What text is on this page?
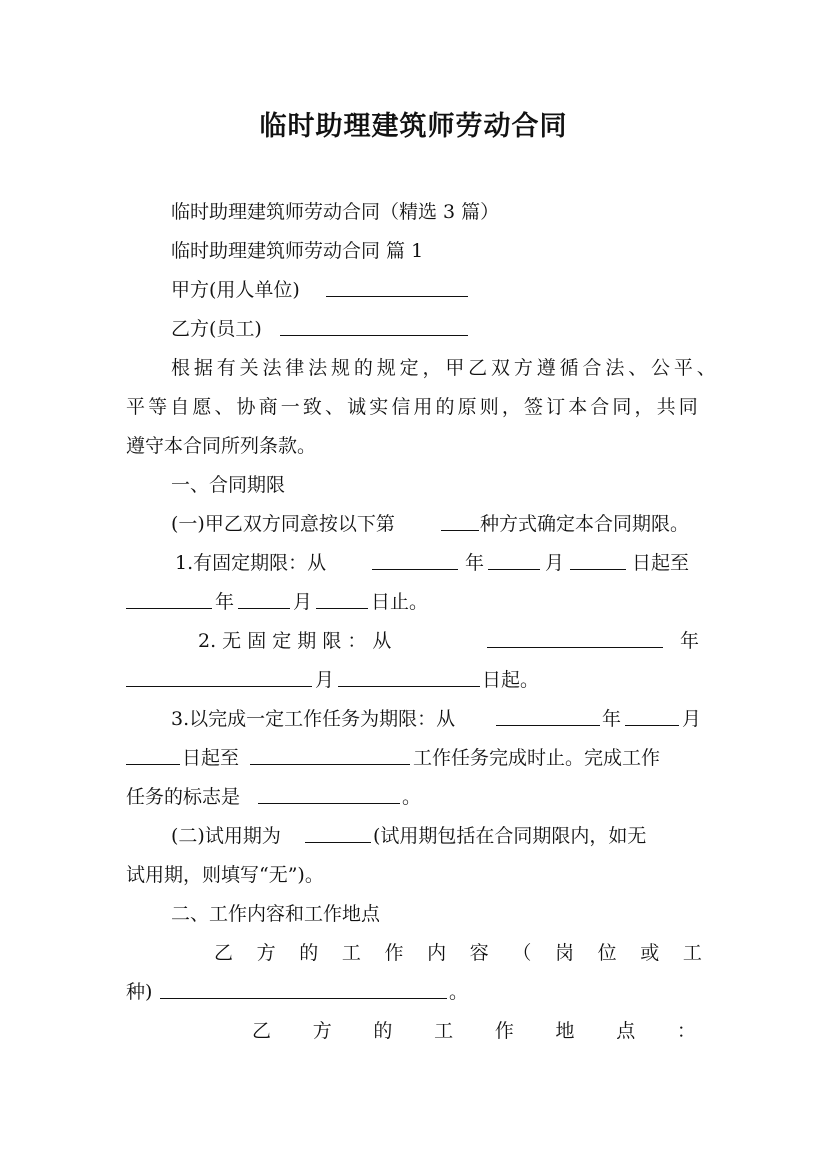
临时助理建筑师劳动合同
临时助理建筑师劳动合同（精选 3 篇）
临时助理建筑师劳动合同 篇 1
甲方(用人单位)
乙方(员工)
根 据 有 关 法 律 法 规 的 规 定 ， 甲 乙 双 方 遵 循 合 法 、 公 平 、
平 等 自 愿 、 协 商 一 致 、 诚 实 信 用 的 原 则 ， 签 订 本 合 同 ， 共 同
遵守本合同所列条款。
一、合同期限
(一)甲乙双方同意按以下第	种方式确定本合同期限。
1.有固定期限：从	年	月	日起至
年	月	日止。
2. 无 固 定 期 限 ： 从	年
月	日起。
3.以完成一定工作任务为期限：从	年	月
日起至	工作任务完成时止。完成工作
任务的标志是	。
(二)试用期为	(试用期包括在合同期限内，如无
试用期，则填写“无”)。
二、工作内容和工作地点
乙 方 的 工 作 内 容 （ 岗 位 或 工
种)	。
乙 方 的 工 作 地 点 ：
